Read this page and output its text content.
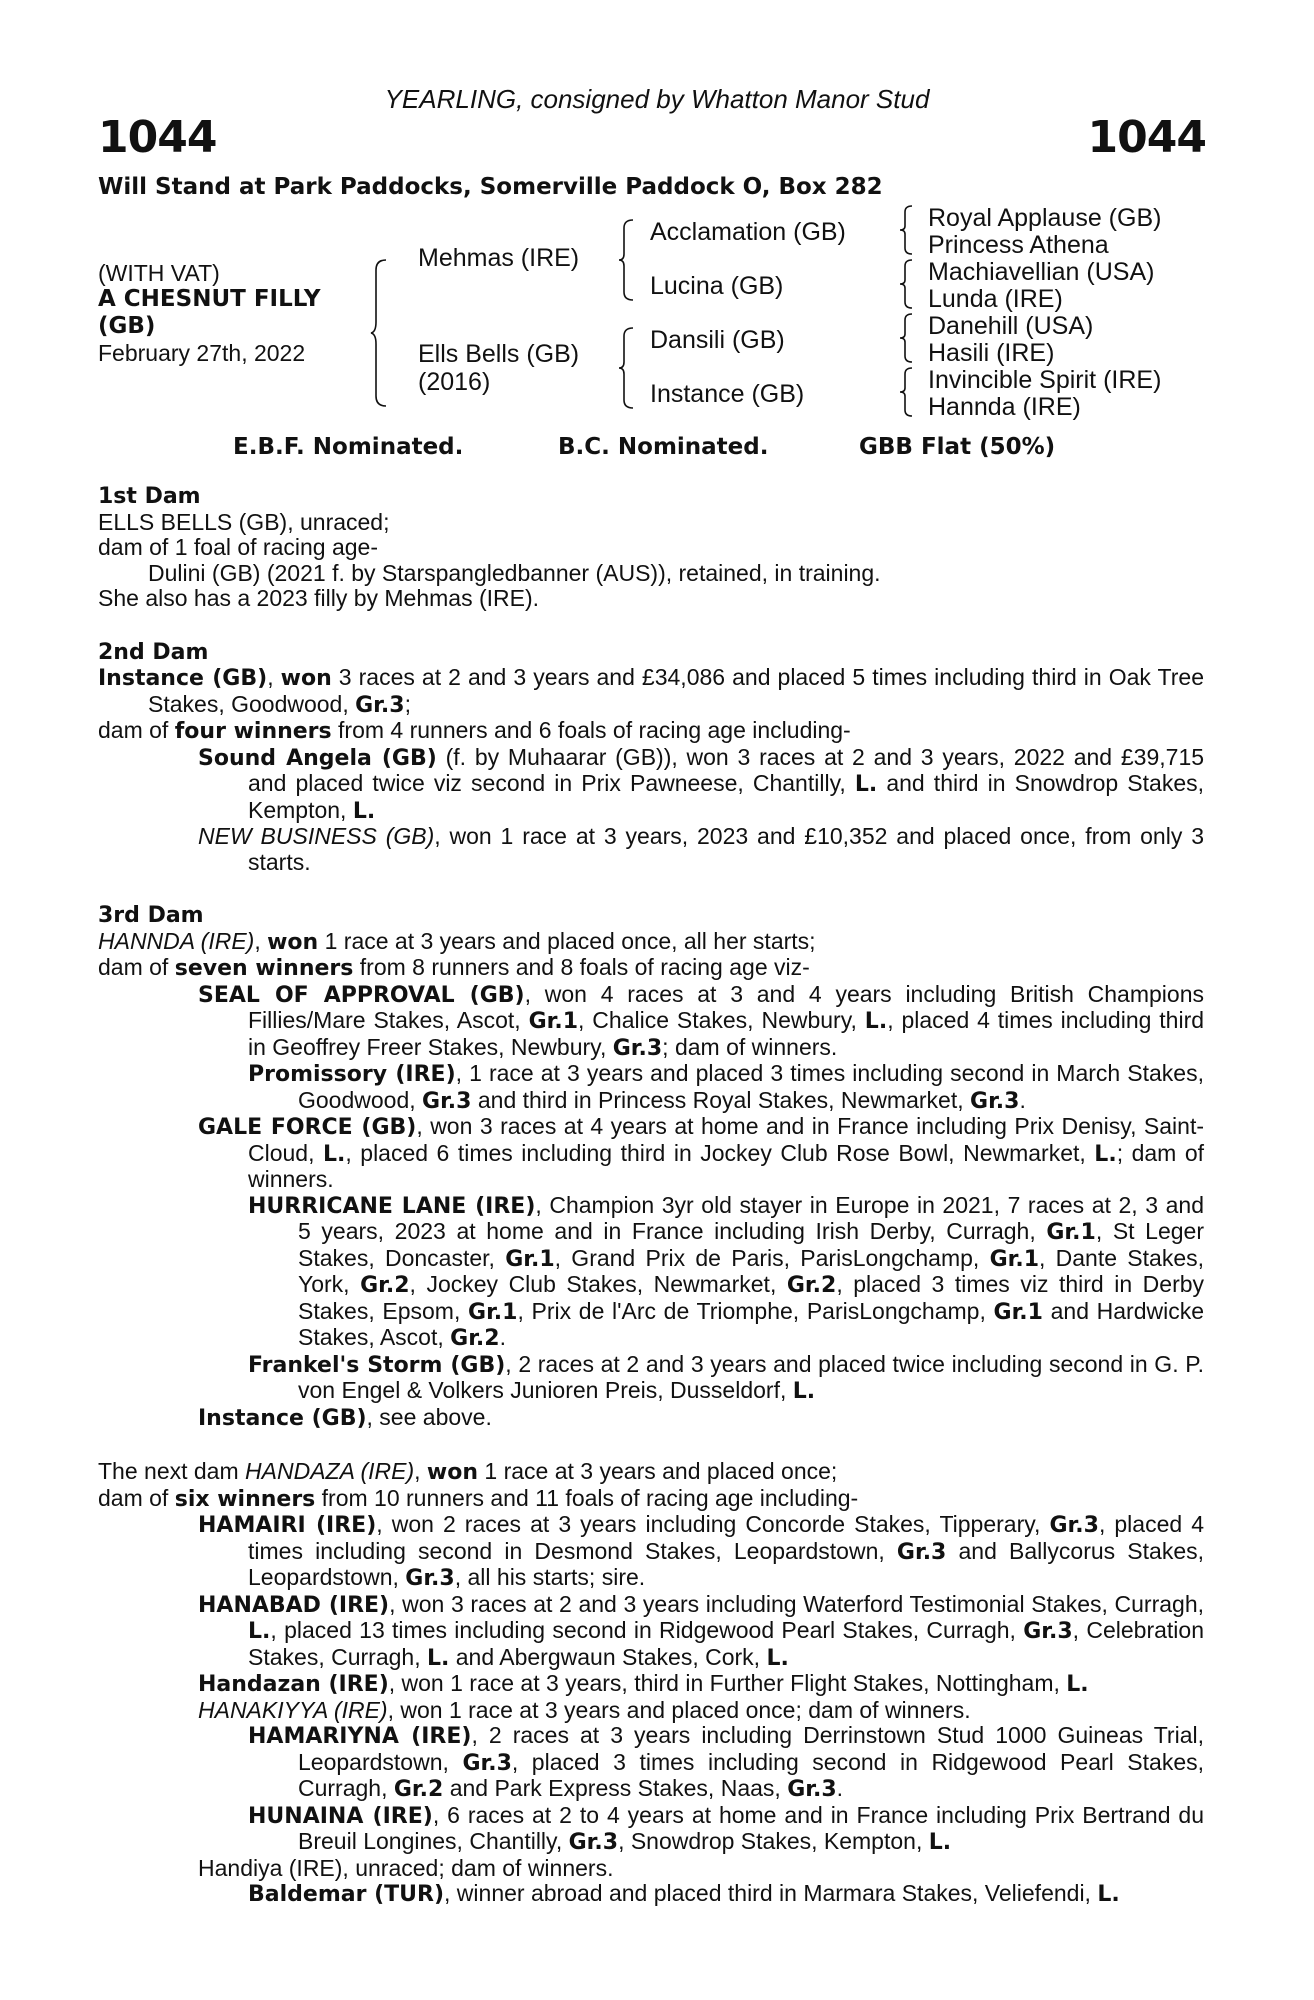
YEARLING, consigned by Whatton Manor Stud
1044	1044
Will Stand at Park Paddocks, Somerville Paddock O, Box 282
(WITH VAT)
A CHESNUT FILLY
(GB)
February 27th, 2022
Mehmas (IRE)
Ells Bells (GB)
(2016)
Acclamation (GB)
Lucina (GB)
Dansili (GB)
Instance (GB)
Royal Applause (GB)
Princess Athena
Machiavellian (USA)
Lunda (IRE)
Danehill (USA)
Hasili (IRE)
Invincible Spirit (IRE)
Hannda (IRE)
E.B.F. Nominated.	B.C. Nominated.	GBB Flat (50%)

1st Dam

ELLS BELLS (GB), unraced;

dam of 1 foal of racing age-

Dulini (GB) (2021 f. by Starspangledbanner (AUS)), retained, in training.

She also has a 2023 filly by Mehmas (IRE).

2nd Dam

Instance (GB), won 3 races at 2 and 3 years and £34,086 and placed 5 times including third in Oak Tree Stakes, Goodwood, Gr.3;

dam of four winners from 4 runners and 6 foals of racing age including-

Sound Angela (GB) (f. by Muhaarar (GB)), won 3 races at 2 and 3 years, 2022 and £39,715 and placed twice viz second in Prix Pawneese, Chantilly, L. and third in Snowdrop Stakes, Kempton, L.

NEW BUSINESS (GB), won 1 race at 3 years, 2023 and £10,352 and placed once, from only 3 starts.

3rd Dam

HANNDA (IRE), won 1 race at 3 years and placed once, all her starts;

dam of seven winners from 8 runners and 8 foals of racing age viz-

SEAL OF APPROVAL (GB), won 4 races at 3 and 4 years including British Champions Fillies/Mare Stakes, Ascot, Gr.1, Chalice Stakes, Newbury, L., placed 4 times including third in Geoffrey Freer Stakes, Newbury, Gr.3; dam of winners.

Promissory (IRE), 1 race at 3 years and placed 3 times including second in March Stakes, Goodwood, Gr.3 and third in Princess Royal Stakes, Newmarket, Gr.3.

GALE FORCE (GB), won 3 races at 4 years at home and in France including Prix Denisy, Saint-Cloud, L., placed 6 times including third in Jockey Club Rose Bowl, Newmarket, L.; dam of winners.

HURRICANE LANE (IRE), Champion 3yr old stayer in Europe in 2021, 7 races at 2, 3 and 5 years, 2023 at home and in France including Irish Derby, Curragh, Gr.1, St Leger Stakes, Doncaster, Gr.1, Grand Prix de Paris, ParisLongchamp, Gr.1, Dante Stakes, York, Gr.2, Jockey Club Stakes, Newmarket, Gr.2, placed 3 times viz third in Derby Stakes, Epsom, Gr.1, Prix de l'Arc de Triomphe, ParisLongchamp, Gr.1 and Hardwicke Stakes, Ascot, Gr.2.

Frankel's Storm (GB), 2 races at 2 and 3 years and placed twice including second in G. P. von Engel & Volkers Junioren Preis, Dusseldorf, L.

Instance (GB), see above.

The next dam HANDAZA (IRE), won 1 race at 3 years and placed once;

dam of six winners from 10 runners and 11 foals of racing age including-

HAMAIRI (IRE), won 2 races at 3 years including Concorde Stakes, Tipperary, Gr.3, placed 4 times including second in Desmond Stakes, Leopardstown, Gr.3 and Ballycorus Stakes, Leopardstown, Gr.3, all his starts; sire.

HANABAD (IRE), won 3 races at 2 and 3 years including Waterford Testimonial Stakes, Curragh, L., placed 13 times including second in Ridgewood Pearl Stakes, Curragh, Gr.3, Celebration Stakes, Curragh, L. and Abergwaun Stakes, Cork, L.

Handazan (IRE), won 1 race at 3 years, third in Further Flight Stakes, Nottingham, L.

HANAKIYYA (IRE), won 1 race at 3 years and placed once; dam of winners.

HAMARIYNA (IRE), 2 races at 3 years including Derrinstown Stud 1000 Guineas Trial, Leopardstown, Gr.3, placed 3 times including second in Ridgewood Pearl Stakes, Curragh, Gr.2 and Park Express Stakes, Naas, Gr.3.

HUNAINA (IRE), 6 races at 2 to 4 years at home and in France including Prix Bertrand du Breuil Longines, Chantilly, Gr.3, Snowdrop Stakes, Kempton, L.

Handiya (IRE), unraced; dam of winners.

Baldemar (TUR), winner abroad and placed third in Marmara Stakes, Veliefendi, L.
